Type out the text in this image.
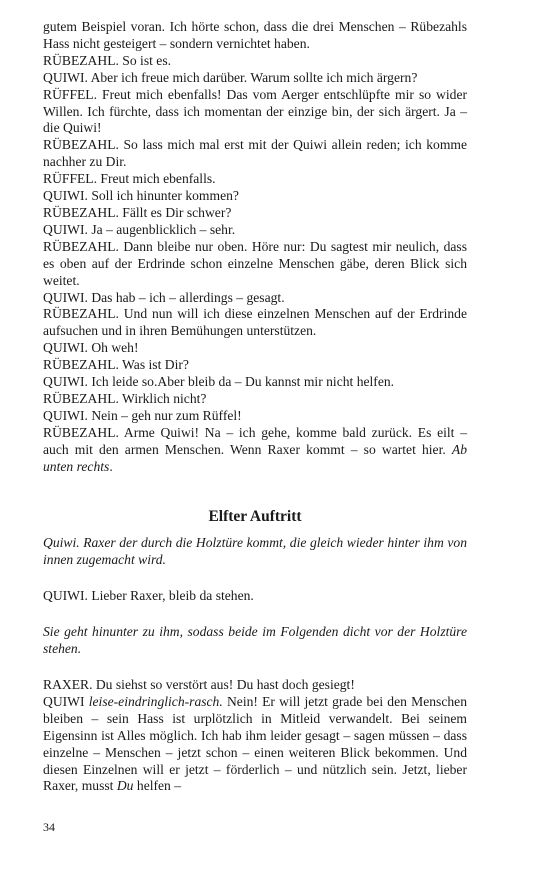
gutem Beispiel voran. Ich hörte schon, dass die drei Menschen – Rübezahls Hass nicht gesteigert – sondern vernichtet haben.

RÜBEZAHL. So ist es.

QUIWI. Aber ich freue mich darüber. Warum sollte ich mich ärgern?

RÜFFEL. Freut mich ebenfalls! Das vom Aerger entschlüpfte mir so wider Willen. Ich fürchte, dass ich momentan der einzige bin, der sich ärgert. Ja – die Quiwi!

RÜBEZAHL. So lass mich mal erst mit der Quiwi allein reden; ich komme nachher zu Dir.

RÜFFEL. Freut mich ebenfalls.

QUIWI. Soll ich hinunter kommen?

RÜBEZAHL. Fällt es Dir schwer?

QUIWI. Ja – augenblicklich – sehr.

RÜBEZAHL. Dann bleibe nur oben. Höre nur: Du sagtest mir neulich, dass es oben auf der Erdrinde schon einzelne Menschen gäbe, deren Blick sich weitet.

QUIWI. Das hab – ich – allerdings – gesagt.

RÜBEZAHL. Und nun will ich diese einzelnen Menschen auf der Erdrinde aufsuchen und in ihren Bemühungen unterstützen.

QUIWI. Oh weh!

RÜBEZAHL. Was ist Dir?

QUIWI. Ich leide so.Aber bleib da – Du kannst mir nicht helfen.

RÜBEZAHL. Wirklich nicht?

QUIWI. Nein – geh nur zum Rüffel!

RÜBEZAHL. Arme Quiwi! Na – ich gehe, komme bald zurück. Es eilt – auch mit den armen Menschen. Wenn Raxer kommt – so wartet hier. Ab unten rechts.

Elfter Auftritt

Quiwi. Raxer der durch die Holztüre kommt, die gleich wieder hinter ihm von innen zugemacht wird.

QUIWI. Lieber Raxer, bleib da stehen.

Sie geht hinunter zu ihm, sodass beide im Folgenden dicht vor der Holztüre stehen.

RAXER. Du siehst so verstört aus! Du hast doch gesiegt!

QUIWI leise-eindringlich-rasch. Nein! Er will jetzt grade bei den Menschen bleiben – sein Hass ist urplötzlich in Mitleid verwandelt. Bei seinem Eigensinn ist Alles möglich. Ich hab ihm leider gesagt – sagen müssen – dass einzelne – Menschen – jetzt schon – einen weiteren Blick bekommen. Und diesen Einzelnen will er jetzt – förderlich – und nützlich sein. Jetzt, lieber Raxer, musst Du helfen –

34
